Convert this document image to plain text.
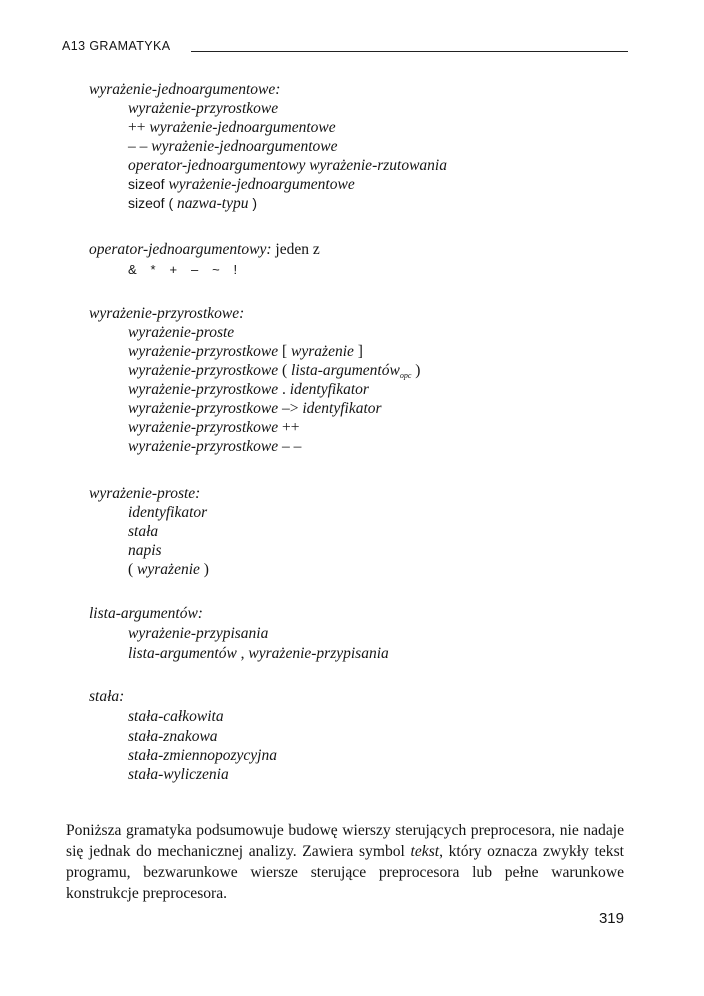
A13 GRAMATYKA
wyrażenie-jednoargumentowe:
wyrażenie-przyrostkowe
++ wyrażenie-jednoargumentowe
– – wyrażenie-jednoargumentowe
operator-jednoargumentowy wyrażenie-rzutowania
sizeof wyrażenie-jednoargumentowe
sizeof ( nazwa-typu )
operator-jednoargumentowy: jeden z
& * + – ~ !
wyrażenie-przyrostkowe:
wyrażenie-proste
wyrażenie-przyrostkowe [ wyrażenie ]
wyrażenie-przyrostkowe ( lista-argumentów$_{opc}$ )
wyrażenie-przyrostkowe . identyfikator
wyrażenie-przyrostkowe –> identyfikator
wyrażenie-przyrostkowe ++
wyrażenie-przyrostkowe – –
wyrażenie-proste:
identyfikator
stała
napis
( wyrażenie )
lista-argumentów:
wyrażenie-przypisania
lista-argumentów , wyrażenie-przypisania
stała:
stała-całkowita
stała-znakowa
stała-zmiennopozycyjna
stała-wyliczenia

Poniższa gramatyka podsumowuje budowę wierszy sterujących preprocesora, nie nadaje się jednak do mechanicznej analizy. Zawiera symbol tekst, który oznacza zwykły tekst programu, bezwarunkowe wiersze sterujące preprocesora lub pełne warunkowe konstrukcje preprocesora.

319
